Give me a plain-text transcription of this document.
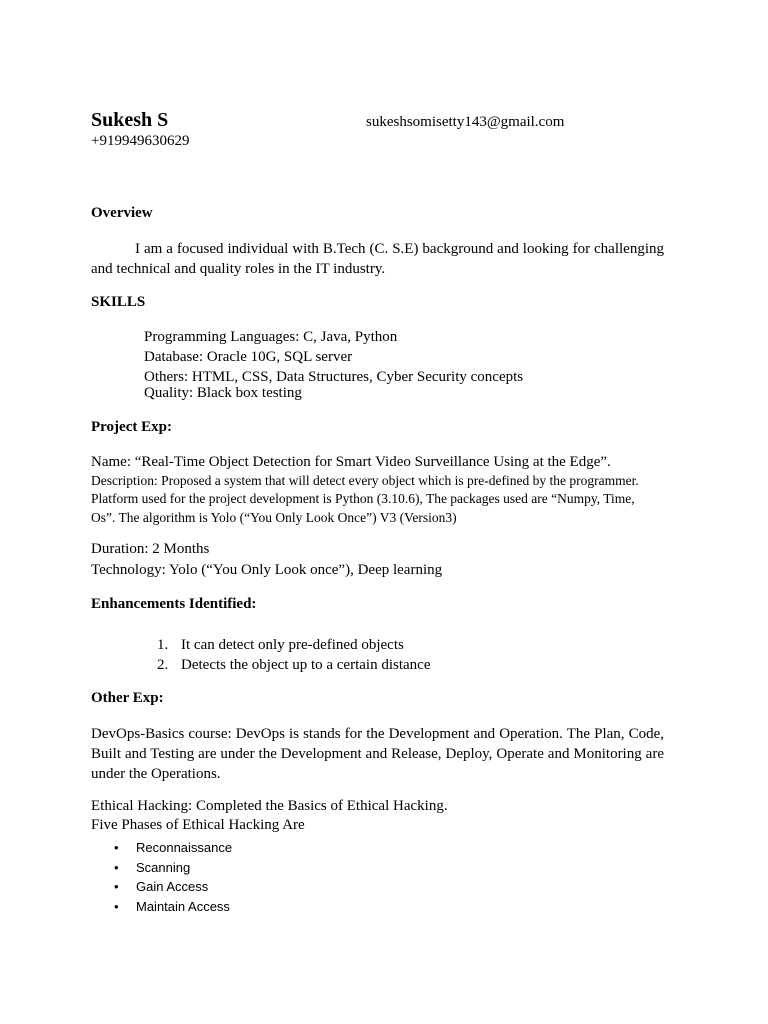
Sukesh S	sukeshsomisetty143@gmail.com
+919949630629
Overview
I am a focused individual with B.Tech (C. S.E) background and looking for challenging and technical and quality roles in the IT industry.
SKILLS
Programming Languages: C, Java, Python
Database: Oracle 10G, SQL server
Others: HTML, CSS, Data Structures, Cyber Security concepts
Quality: Black box testing
Project Exp:
Name: “Real-Time Object Detection for Smart Video Surveillance Using at the Edge”.
Description: Proposed a system that will detect every object which is pre-defined by the programmer.
Platform used for the project development is Python (3.10.6), The packages used are “Numpy, Time,
Os”. The algorithm is Yolo (“You Only Look Once”) V3 (Version3)
Duration: 2 Months
Technology: Yolo (“You Only Look once”), Deep learning
Enhancements Identified:
1. It can detect only pre-defined objects
2. Detects the object up to a certain distance
Other Exp:
DevOps-Basics course: DevOps is stands for the Development and Operation. The Plan, Code, Built and Testing are under the Development and Release, Deploy, Operate and Monitoring are under the Operations.
Ethical Hacking: Completed the Basics of Ethical Hacking.
Five Phases of Ethical Hacking Are
• Reconnaissance
• Scanning
• Gain Access
• Maintain Access
